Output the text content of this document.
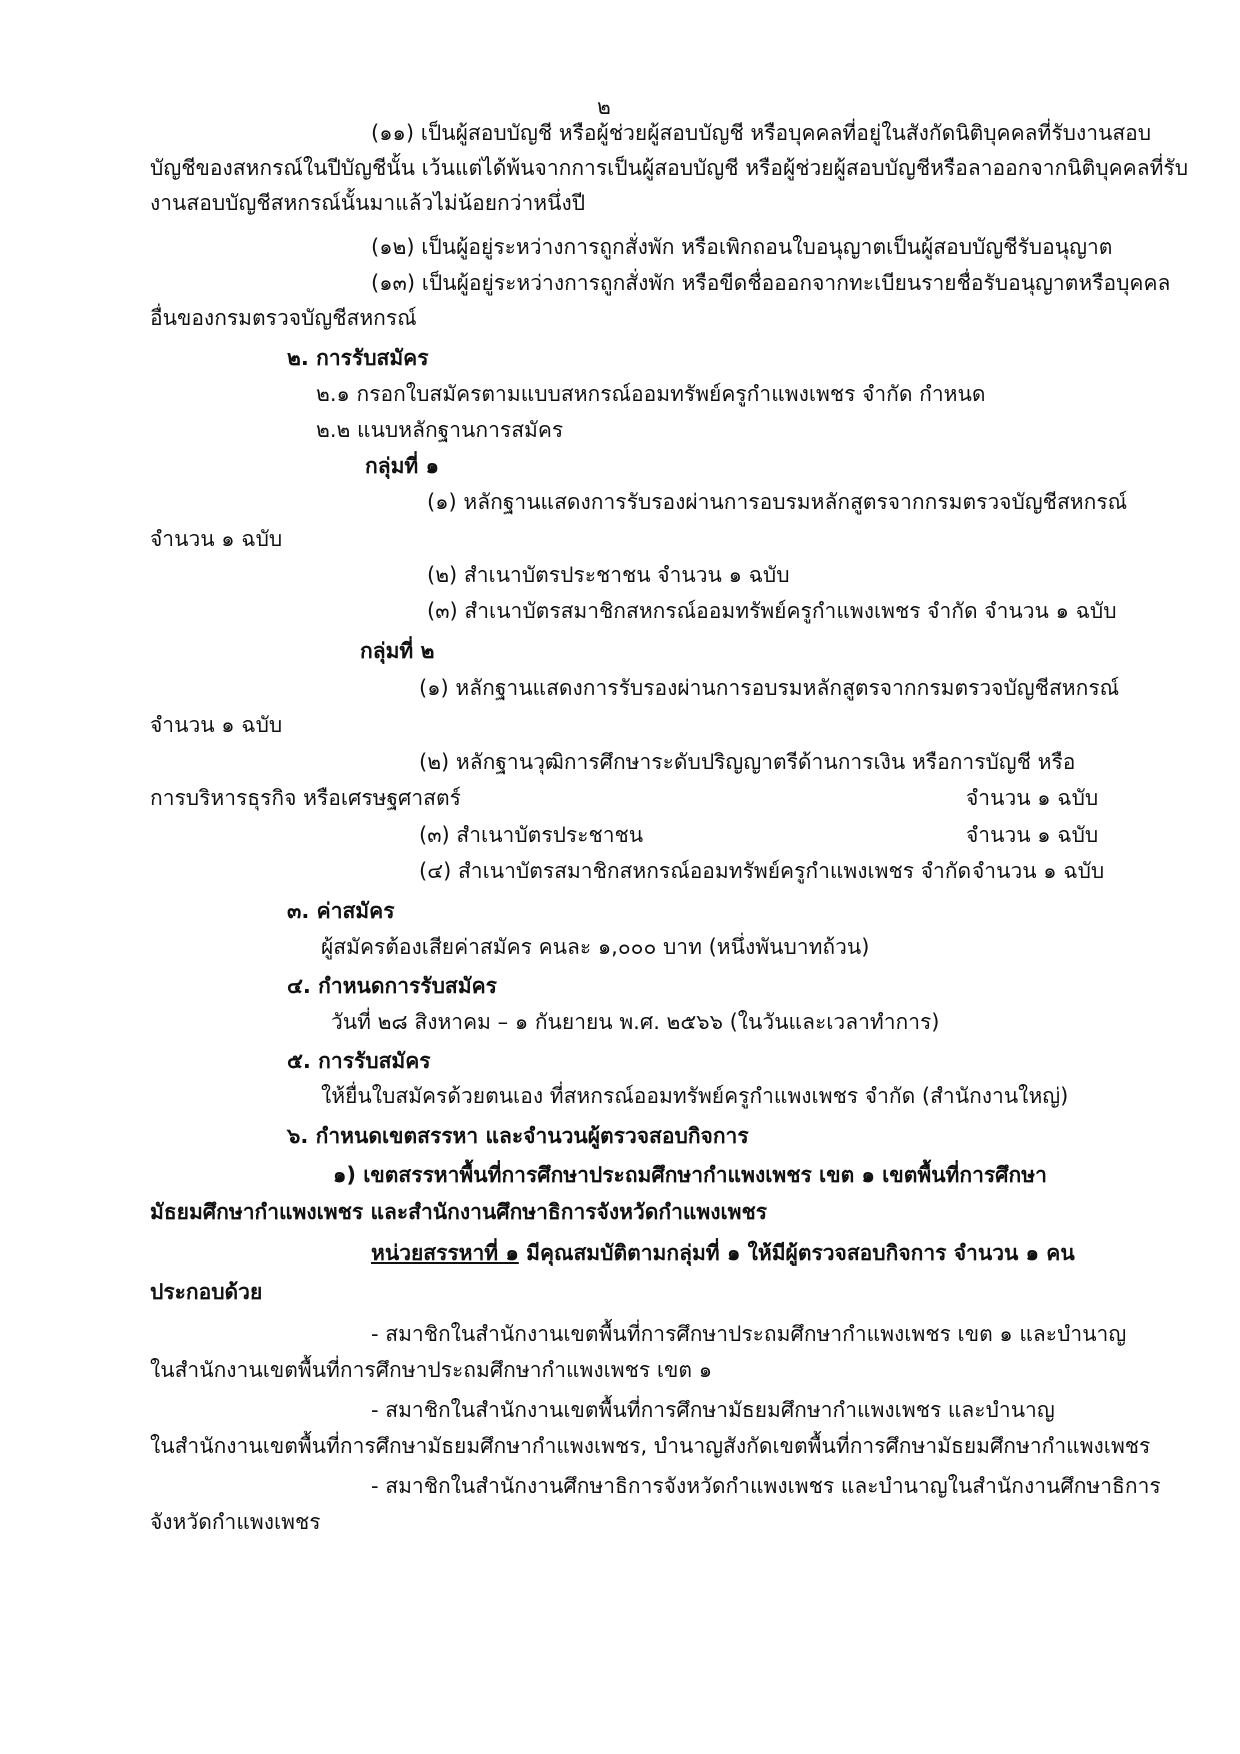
๒
(๑๑) เป็นผู้สอบบัญชี หรือผู้ช่วยผู้สอบบัญชี หรือบุคคลที่อยู่ในสังกัดนิติบุคคลที่รับงานสอบ
บัญชีของสหกรณ์ในปีบัญชีนั้น เว้นแต่ได้พ้นจากการเป็นผู้สอบบัญชี หรือผู้ช่วยผู้สอบบัญชีหรือลาออกจากนิติบุคคลที่รับ
งานสอบบัญชีสหกรณ์นั้นมาแล้วไม่น้อยกว่าหนึ่งปี
(๑๒) เป็นผู้อยู่ระหว่างการถูกสั่งพัก หรือเพิกถอนใบอนุญาตเป็นผู้สอบบัญชีรับอนุญาต
(๑๓) เป็นผู้อยู่ระหว่างการถูกสั่งพัก หรือขีดชื่อออกจากทะเบียนรายชื่อรับอนุญาตหรือบุคคล
อื่นของกรมตรวจบัญชีสหกรณ์
๒. การรับสมัคร
๒.๑ กรอกใบสมัครตามแบบสหกรณ์ออมทรัพย์ครูกำแพงเพชร จำกัด กำหนด
๒.๒ แนบหลักฐานการสมัคร
กลุ่มที่ ๑
(๑) หลักฐานแสดงการรับรองผ่านการอบรมหลักสูตรจากกรมตรวจบัญชีสหกรณ์
จำนวน ๑ ฉบับ
(๒) สำเนาบัตรประชาชน จำนวน ๑ ฉบับ
(๓) สำเนาบัตรสมาชิกสหกรณ์ออมทรัพย์ครูกำแพงเพชร จำกัด จำนวน ๑ ฉบับ
กลุ่มที่ ๒
(๑) หลักฐานแสดงการรับรองผ่านการอบรมหลักสูตรจากกรมตรวจบัญชีสหกรณ์
จำนวน ๑ ฉบับ
(๒) หลักฐานวุฒิการศึกษาระดับปริญญาตรีด้านการเงิน หรือการบัญชี หรือ
การบริหารธุรกิจ หรือเศรษฐศาสตร์	จำนวน ๑ ฉบับ
(๓) สำเนาบัตรประชาชน	จำนวน ๑ ฉบับ
(๔) สำเนาบัตรสมาชิกสหกรณ์ออมทรัพย์ครูกำแพงเพชร จำกัด จำนวน ๑ ฉบับ
๓. ค่าสมัคร
ผู้สมัครต้องเสียค่าสมัคร คนละ ๑,๐๐๐ บาท (หนึ่งพันบาทถ้วน)
๔. กำหนดการรับสมัคร
วันที่ ๒๘ สิงหาคม – ๑ กันยายน พ.ศ. ๒๕๖๖ (ในวันและเวลาทำการ)
๕. การรับสมัคร
ให้ยื่นใบสมัครด้วยตนเอง ที่สหกรณ์ออมทรัพย์ครูกำแพงเพชร จำกัด (สำนักงานใหญ่)
๖. กำหนดเขตสรรหา และจำนวนผู้ตรวจสอบกิจการ
๑) เขตสรรหาพื้นที่การศึกษาประถมศึกษากำแพงเพชร เขต ๑ เขตพื้นที่การศึกษา
มัธยมศึกษากำแพงเพชร และสำนักงานศึกษาธิการจังหวัดกำแพงเพชร
หน่วยสรรหาที่ ๑ มีคุณสมบัติตามกลุ่มที่ ๑ ให้มีผู้ตรวจสอบกิจการ จำนวน ๑ คน
ประกอบด้วย
- สมาชิกในสำนักงานเขตพื้นที่การศึกษาประถมศึกษากำแพงเพชร เขต ๑ และบำนาญ
ในสำนักงานเขตพื้นที่การศึกษาประถมศึกษากำแพงเพชร เขต ๑
- สมาชิกในสำนักงานเขตพื้นที่การศึกษามัธยมศึกษากำแพงเพชร และบำนาญ
ในสำนักงานเขตพื้นที่การศึกษามัธยมศึกษากำแพงเพชร, บำนาญสังกัดเขตพื้นที่การศึกษามัธยมศึกษากำแพงเพชร
- สมาชิกในสำนักงานศึกษาธิการจังหวัดกำแพงเพชร และบำนาญในสำนักงานศึกษาธิการ
จังหวัดกำแพงเพชร
